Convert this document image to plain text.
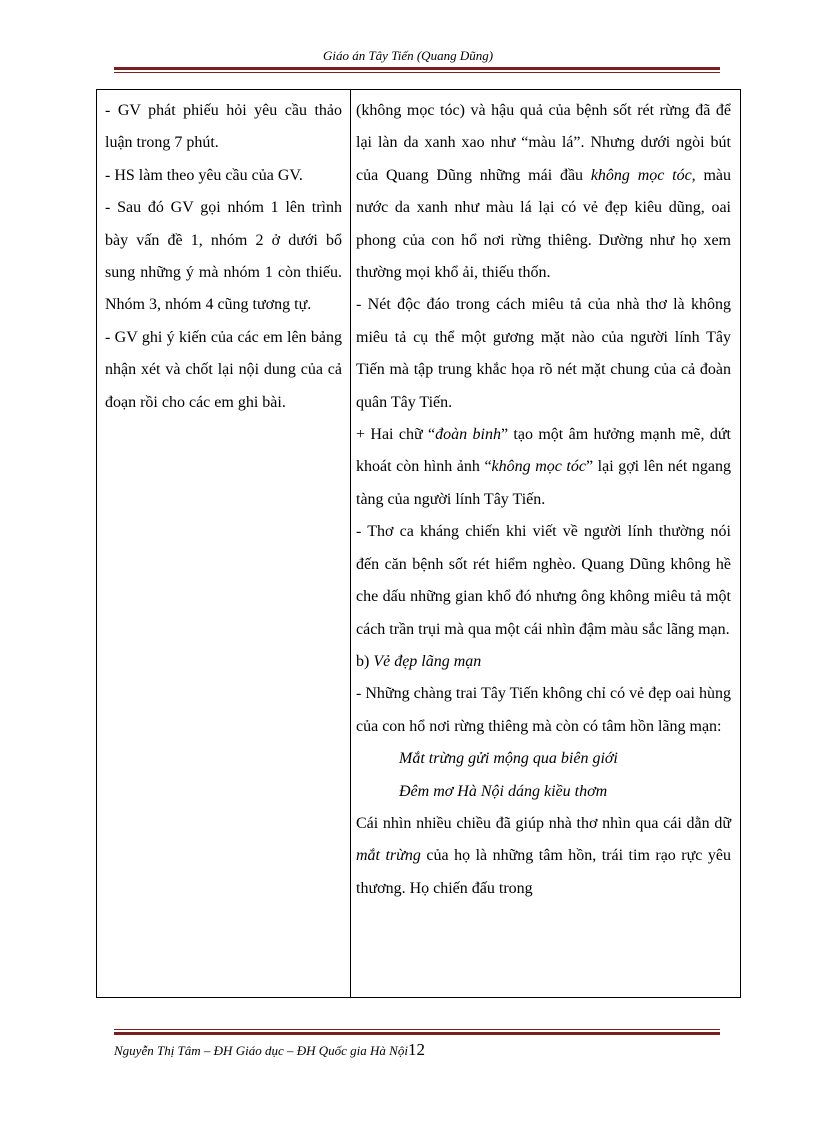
Giáo án Tây Tiến (Quang Dũng)

- GV phát phiếu hỏi yêu cầu thảo luận trong 7 phút.

- HS làm theo yêu cầu của GV.

- Sau đó GV gọi nhóm 1 lên trình bày vấn đề 1, nhóm 2 ở dưới bổ sung những ý mà nhóm 1 còn thiếu. Nhóm 3, nhóm 4 cũng tương tự.

- GV ghi ý kiến của các em lên bảng nhận xét và chốt lại nội dung của cả đoạn rồi cho các em ghi bài.

(không mọc tóc) và hậu quả của bệnh sốt rét rừng đã để lại làn da xanh xao như “màu lá”. Nhưng dưới ngòi bút của Quang Dũng những mái đầu không mọc tóc, màu nước da xanh như màu lá lại có vẻ đẹp kiêu dũng, oai phong của con hổ nơi rừng thiêng. Dường như họ xem thường mọi khổ ải, thiếu thốn.

- Nét độc đáo trong cách miêu tả của nhà thơ là không miêu tả cụ thể một gương mặt nào của người lính Tây Tiến mà tập trung khắc họa rõ nét mặt chung của cả đoàn quân Tây Tiến.

+ Hai chữ “đoàn binh” tạo một âm hưởng mạnh mẽ, dứt khoát còn hình ảnh “không mọc tóc” lại gợi lên nét ngang tàng của người lính Tây Tiến.

- Thơ ca kháng chiến khi viết về người lính thường nói đến căn bệnh sốt rét hiểm nghèo. Quang Dũng không hề che dấu những gian khổ đó nhưng ông không miêu tả một cách trần trụi mà qua một cái nhìn đậm màu sắc lãng mạn.

b) Vẻ đẹp lãng mạn

- Những chàng trai Tây Tiến không chỉ có vẻ đẹp oai hùng của con hổ nơi rừng thiêng mà còn có tâm hồn lãng mạn:

Mắt trừng gửi mộng qua biên giới

Đêm mơ Hà Nội dáng kiều thơm

Cái nhìn nhiều chiều đã giúp nhà thơ nhìn qua cái dằn dữ mắt trừng của họ là những tâm hồn, trái tim rạo rực yêu thương. Họ chiến đấu trong

Nguyễn Thị Tâm – ĐH Giáo dục – ĐH Quốc gia Hà Nội12
